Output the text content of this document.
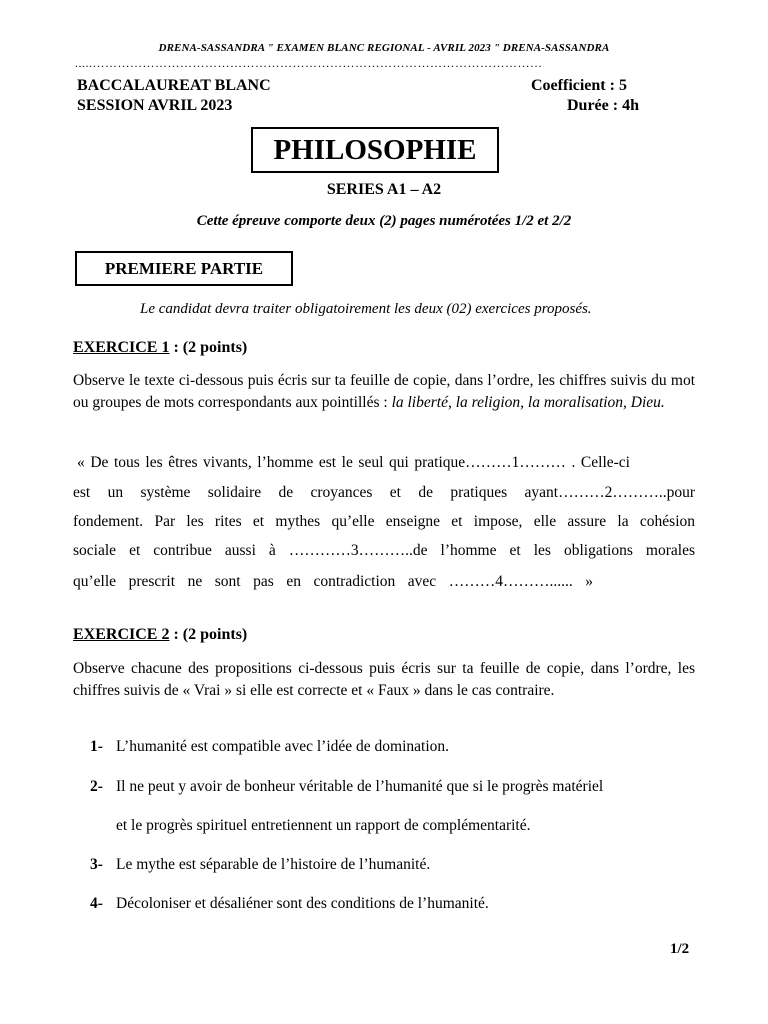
DRENA-SASSANDRA " EXAMEN BLANC REGIONAL - AVRIL 2023 " DRENA-SASSANDRA
.....………………………………………………………………………………………………
BACCALAUREAT BLANC
SESSION AVRIL 2023
Coefficient : 5
Durée : 4h
PHILOSOPHIE
SERIES A1 – A2
Cette épreuve comporte deux (2) pages numérotées 1/2 et 2/2
PREMIERE PARTIE
Le candidat devra traiter obligatoirement les deux (02) exercices proposés.
EXERCICE 1 : (2 points)
Observe le texte ci-dessous puis écris sur ta feuille de copie, dans l’ordre, les chiffres suivis du mot ou groupes de mots correspondants aux pointillés : la liberté, la religion, la moralisation, Dieu.
« De tous les êtres vivants, l’homme est le seul qui pratique………1……… . Celle-ci
est un système solidaire de croyances et de pratiques ayant………2………..pour
fondement. Par les rites et mythes qu’elle enseigne et impose, elle assure la cohésion
sociale et contribue aussi à …………3………..de l’homme et les obligations morales
qu’elle prescrit ne sont pas en contradiction avec ………4………...... »
EXERCICE 2 : (2 points)
Observe chacune des propositions ci-dessous puis écris sur ta feuille de copie, dans l’ordre, les chiffres suivis de « Vrai » si elle est correcte et « Faux » dans le cas contraire.
1- L’humanité est compatible avec l’idée de domination.
2- Il ne peut y avoir de bonheur véritable de l’humanité que si le progrès matériel
et le progrès spirituel entretiennent un rapport de complémentarité.
3- Le mythe est séparable de l’histoire de l’humanité.
4- Décoloniser et désaliéner sont des conditions de l’humanité.
1/2
